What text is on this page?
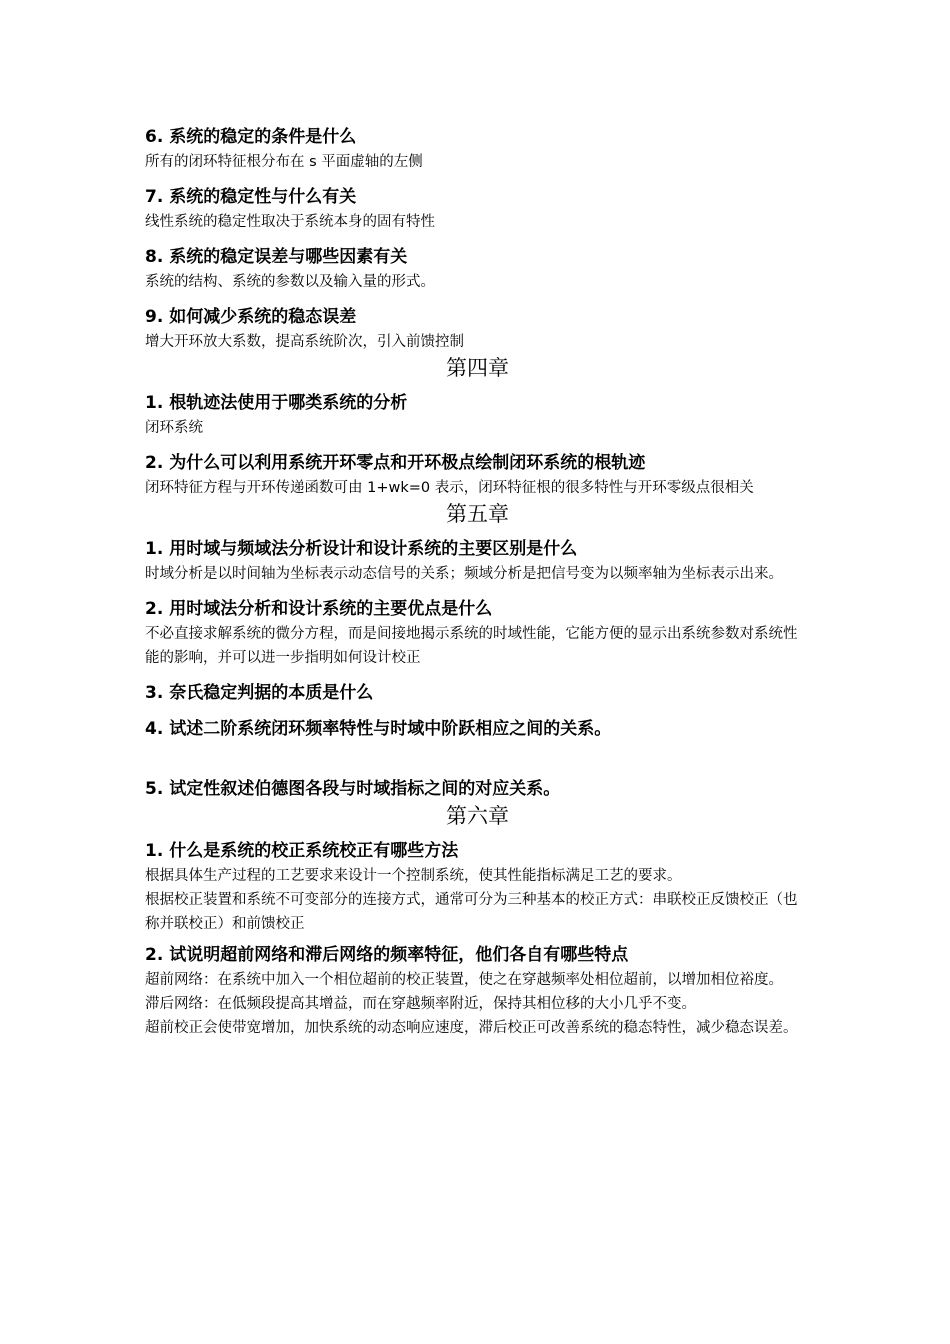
6. 系统的稳定的条件是什么

所有的闭环特征根分布在 s 平面虚轴的左侧

7. 系统的稳定性与什么有关

线性系统的稳定性取决于系统本身的固有特性

8. 系统的稳定误差与哪些因素有关

系统的结构、系统的参数以及输入量的形式。

9. 如何减少系统的稳态误差

增大开环放大系数，提高系统阶次，引入前馈控制

第四章

1. 根轨迹法使用于哪类系统的分析

闭环系统

2. 为什么可以利用系统开环零点和开环极点绘制闭环系统的根轨迹

闭环特征方程与开环传递函数可由 1+wk=0 表示，闭环特征根的很多特性与开环零级点很相关

第五章

1. 用时域与频域法分析设计和设计系统的主要区别是什么

时域分析是以时间轴为坐标表示动态信号的关系；频域分析是把信号变为以频率轴为坐标表示出来。

2. 用时域法分析和设计系统的主要优点是什么

不必直接求解系统的微分方程，而是间接地揭示系统的时域性能，它能方便的显示出系统参数对系统性能的影响，并可以进一步指明如何设计校正

3. 奈氏稳定判据的本质是什么

4. 试述二阶系统闭环频率特性与时域中阶跃相应之间的关系。

5. 试定性叙述伯德图各段与时域指标之间的对应关系。

第六章

1. 什么是系统的校正系统校正有哪些方法

根据具体生产过程的工艺要求来设计一个控制系统，使其性能指标满足工艺的要求。

根据校正装置和系统不可变部分的连接方式，通常可分为三种基本的校正方式：串联校正反馈校正（也称并联校正）和前馈校正

2. 试说明超前网络和滞后网络的频率特征，他们各自有哪些特点

超前网络：在系统中加入一个相位超前的校正装置，使之在穿越频率处相位超前，以增加相位裕度。

滞后网络：在低频段提高其增益，而在穿越频率附近，保持其相位移的大小几乎不变。

超前校正会使带宽增加，加快系统的动态响应速度，滞后校正可改善系统的稳态特性，减少稳态误差。
